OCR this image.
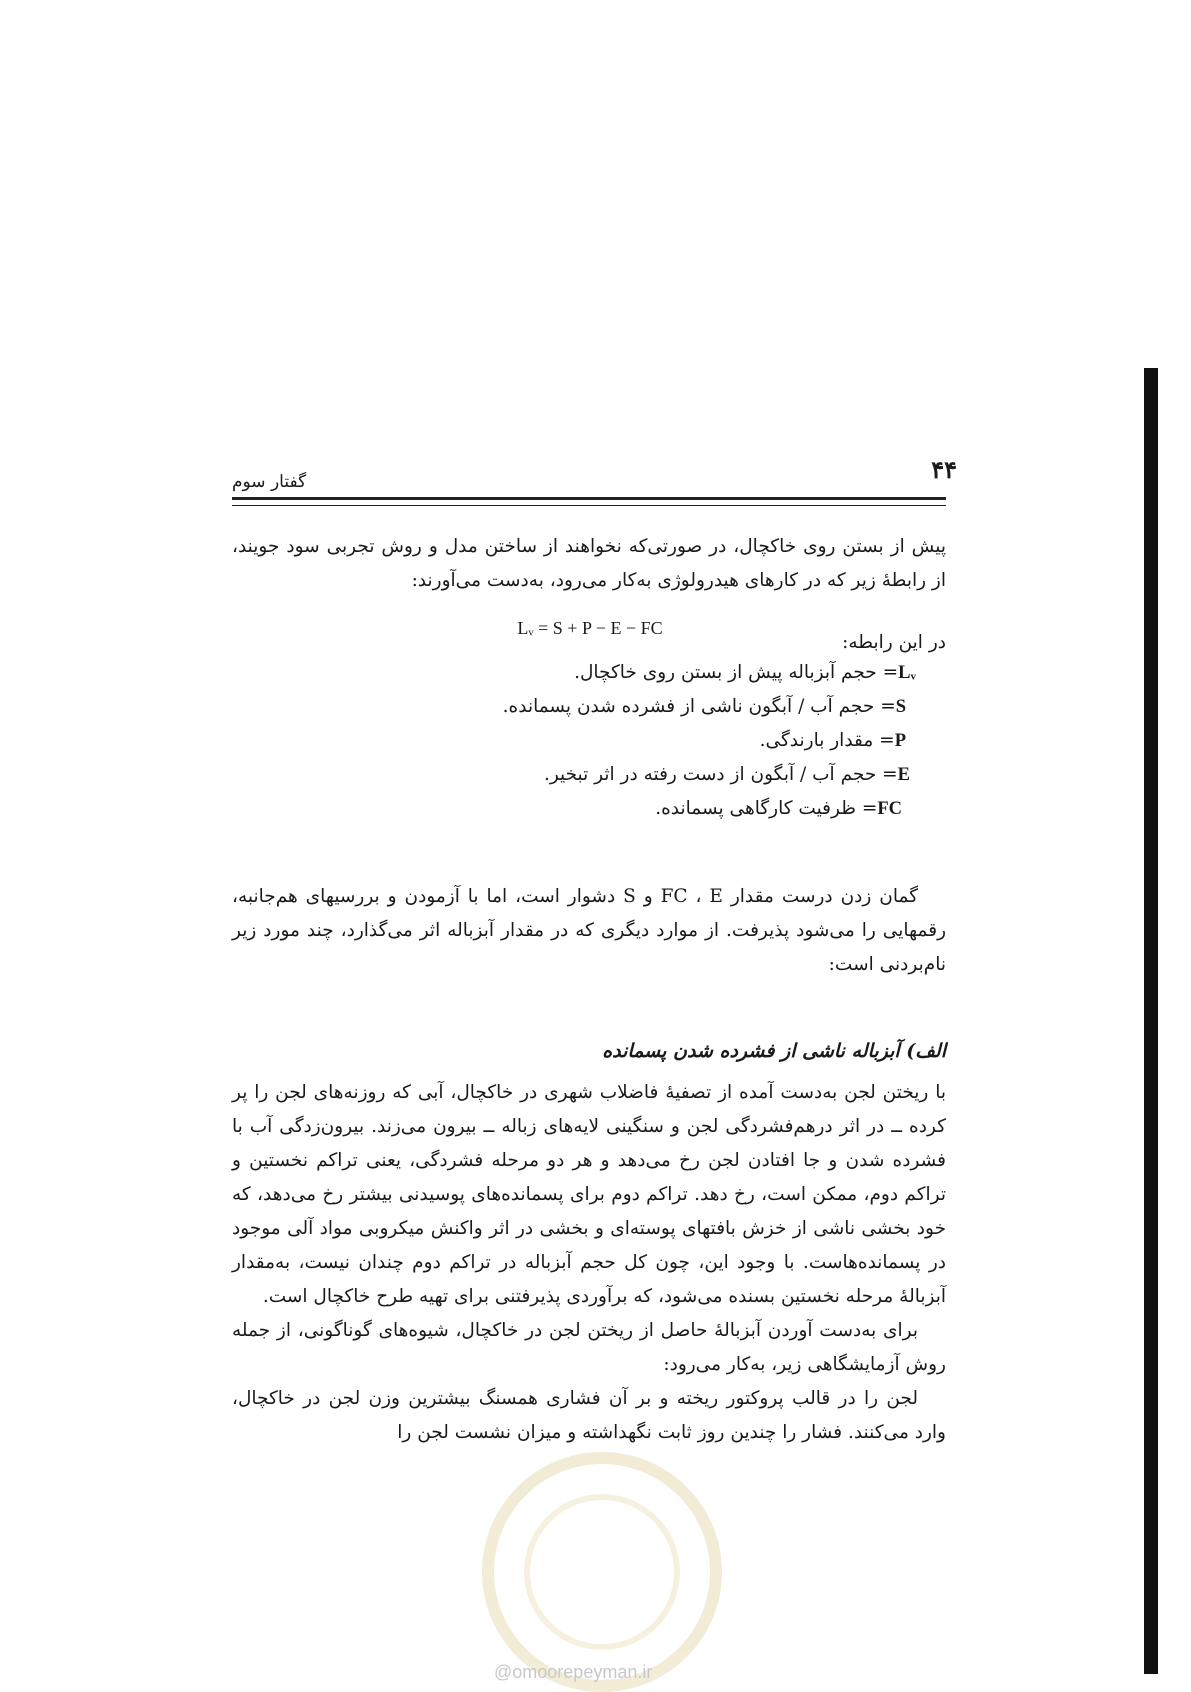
۴۴
گفتار سوم

پیش از بستن روی خاکچال، در صورتی‌که نخواهند از ساختن مدل و روش تجربی سود جویند، از رابطهٔ زیر که در کارهای هیدرولوژی به‌کار می‌رود، به‌دست می‌آورند:

Lᵥ = S + P − E − FC

در این رابطه:

Lᵥ= حجم آبزباله پیش از بستن روی خاکچال.
S= حجم آب / آبگون ناشی از فشرده شدن پسمانده.
P= مقدار بارندگی.
E= حجم آب / آبگون از دست رفته در اثر تبخیر.
FC= ظرفیت کارگاهی پسمانده.

گمان زدن درست مقدار FC ، E و S دشوار است، اما با آزمودن و بررسیهای هم‌جانبه، رقمهایی را می‌شود پذیرفت. از موارد دیگری که در مقدار آبزباله اثر می‌گذارد، چند مورد زیر نام‌بردنی است:

الف) آبزباله ناشی از فشرده شدن پسمانده

با ریختن لجن به‌دست آمده از تصفیهٔ فاضلاب شهری در خاکچال، آبی که روزنه‌های لجن را پر کرده ــ در اثر درهم‌فشردگی لجن و سنگینی لایه‌های زباله ــ بیرون می‌زند. بیرون‌زدگی آب با فشرده شدن و جا افتادن لجن رخ می‌دهد و هر دو مرحله فشردگی، یعنی تراکم نخستین و تراکم دوم، ممکن است، رخ دهد. تراکم دوم برای پسمانده‌های پوسیدنی بیشتر رخ می‌دهد، که خود بخشی ناشی از خزش بافتهای پوسته‌ای و بخشی در اثر واکنش میکروبی مواد آلی موجود در پسمانده‌هاست. با وجود این، چون کل حجم آبزباله در تراکم دوم چندان نیست، به‌مقدار آبزبالهٔ مرحله نخستین بسنده می‌شود، که برآوردی پذیرفتنی برای تهیه طرح خاکچال است.

برای به‌دست آوردن آبزبالهٔ حاصل از ریختن لجن در خاکچال، شیوه‌های گوناگونی، از جمله روش آزمایشگاهی زیر، به‌کار می‌رود:

لجن را در قالب پروکتور ریخته و بر آن فشاری همسنگ بیشترین وزن لجن در خاکچال، وارد می‌کنند. فشار را چندین روز ثابت نگهداشته و میزان نشست لجن را

@omoorepeyman.ir
